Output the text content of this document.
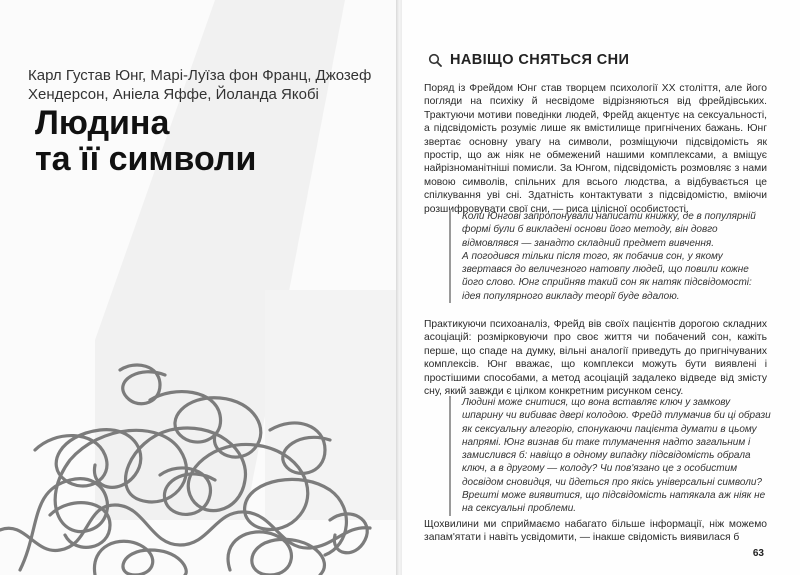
Карл Густав Юнг, Марі-Луїза фон Франц, Джозеф Хендерсон, Аніела Яффе, Йоланда Якобі
Людина
та її символи
НАВІЩО СНЯТЬСЯ СНИ

Поряд із Фрейдом Юнг став творцем психології XX століття, але його погляди на психіку й несвідоме відрізняються від фрейдівських. Трактуючи мотиви поведінки людей, Фрейд акцентує на сексуальності, а підсвідомість розуміє лише як вмістилище пригнічених бажань. Юнг звертає основну увагу на символи, розміщуючи підсвідомість як простір, що аж ніяк не обмежений нашими комплексами, а вміщує найрізноманітніші помисли. За Юнгом, підсвідомість розмовляє з нами мовою символів, спільних для всього людства, а відбувається це спілкування уві сні. Здатність контактувати з підсвідомістю, вміючи розшифровувати свої сни, — риса цілісної особистості.

Коли Юнгові запропонували написати книжку, де в популярній формі були б викладені основи його методу, він довго відмовлявся — занадто складний предмет вивчення.

А погодився тільки після того, як побачив сон, у якому звертався до величезного натовпу людей, що повили кожне його слово. Юнг сприйняв такий сон як натяк підсвідомості: ідея популярного викладу теорії буде вдалою.

Практикуючи психоаналіз, Фрейд вів своїх пацієнтів дорогою складних асоціацій: розмірковуючи про своє життя чи побачений сон, кажіть перше, що спаде на думку, вільні аналогії приведуть до пригнічуваних комплексів. Юнг вважає, що комплекси можуть бути виявлені і простішими способами, а метод асоціацій задалеко відведе від змісту сну, який завжди є цілком конкретним рисунком сенсу.

Людині може снитися, що вона вставляє ключ у замкову шпарину чи вибиває двері колодою. Фрейд тлумачив би ці образи як сексуальну алегорію, спонукаючи пацієнта думати в цьому напрямі. Юнг визнав би таке тлумачення надто загальним і замислився б: навіщо в одному випадку підсвідомість обрала ключ, а в другому — колоду? Чи пов'язано це з особистим досвідом сновидця, чи йдеться про якісь універсальні символи? Врешті може виявитися, що підсвідомість натякала аж ніяк не на сексуальні проблеми.

Щохвилини ми сприймаємо набагато більше інформації, ніж можемо запам'ятати і навіть усвідомити, — інакше свідомість виявилася б

63
